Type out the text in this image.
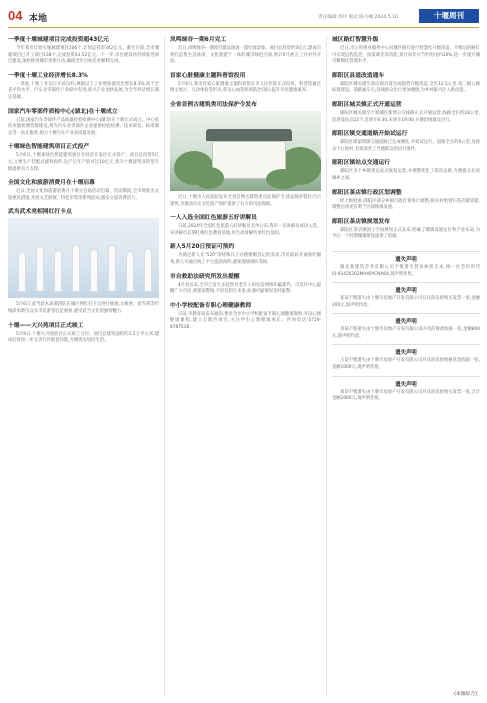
04 本地	责任编辑:李玲 版式:陈小楠 2024.5.10	十堰周刊
一季度十堰城建项目完成投资超43亿元
今年我市计划实施城建项目206个,计划总投资342亿元。截至目前,全市城建项目已开工项目138个,完成投资43.52亿元。下一步,市住建局将持续推进项目建设,加快推进城市更新行动,确保全年目标任务顺利完成。
一季度十堰工业经济增长8.3%
一季度,十堰工业运行开局良好,规模以上工业增加值同比增长8.3%,高于全省平均水平。汽车及零部件产业稳中有进,新兴产业加快发展,为全年经济增长奠定基础。
国家汽车零部件质检中心(湖北)在十堰成立
日前,国家汽车零部件产品质量检验检测中心(湖北)在十堰正式成立。中心依托本地检测资源建设,将为汽车及零部件企业提供检验检测、技术研发、标准制定等一站式服务,助力十堰汽车产业高质量发展。
十堰绿色智能建筑项目正式投产
5月6日,十堰某绿色智能建筑项目在经济开发区正式投产。项目总投资5亿元,主要生产装配式建筑构件,达产后年产值可达10亿元,将为十堰建筑业转型升级提供有力支撑。
全国文化和旅游消费月在十堰启幕
近日,全国文化和旅游消费月十堰分会场活动启幕。活动期间,全市将推出文旅惠民措施,开展文艺展演、特色市集等系列活动,激发文旅消费活力。
武当武术亮相网红打卡点
5月6日,武当武术表演团队在城区网红打卡点进行展演,太极拳、武当剑等传统武术吸引众多市民游客驻足观看,感受武当文化的独特魅力。
十堰——大兴苑项目正式竣工
5月9日,十堰大兴苑项目正式竣工交付。项目总建筑面积约1.2万平方米,建成后将进一步完善片区配套功能,方便周边居民生活。
凤鸣绿谷一期6月完工
近日,凤鸣绿谷一期项目建设现场一派忙碌景象。项目总投资约3亿元,建成后将打造集生态休闲、文化旅游于一体的城市绿色空间,预计6月底完工并对外开放。
首家心脏健康主题科普馆投用
5月6日,我市首家心脏健康主题科普馆在市人民医院正式投用。科普馆通过图文展示、互动体验等形式,普及心血管疾病防治知识,提升市民健康素养。
全省首例古建筑类司法保护令发布
近日,十堰市人民法院发布全省首例古建筑类司法保护令,依法保护辖区内古建筑,为推动历史文化遗产保护提供了有力的司法保障。
一人入选全国红色旅游五好讲解员
日前,2024年全国红色旅游五好讲解员名单公布,我市一名讲解员成功入选。该讲解员长期扎根红色教育基地,用生动讲解传承红色基因。
新人5月20日预证可预约
为满足新人在"520"等特殊日子办理婚姻登记的需求,市民政局开通预约服务,新人可通过线上平台提前预约,避免现场排队等候。
市自救助法研究所发出提醒
4月份以来,全市已发生多起涉及老年人的电信网络诈骗案件。市反诈中心提醒广大市民,要提高警惕,不轻信陌生来电,如遇可疑情况及时报警。
中小学校配备专职心理健康教师
日前,市教育局发布通知,要求全市中小学校配备专职心理健康教师,开设心理健康课程,建立心理咨询室,关注学生心理健康成长。咨询电话:0719-8787518。
城区路灯智慧升级
近日,市公用事业服务中心对城区路灯进行智慧化升级改造。升级后的路灯可实现远程监控、按需调光等功能,预计每年可节约用电约20%,进一步提升城市精细化管理水平。
郧阳区县道改造通车
郧阳区城关镇至茶店镇县道完成提档升级改造,全长12.5公里,按二级公路标准建设。道路通车后,沿线群众出行更加便捷,为乡村振兴注入新动能。
郧阳区城关镇正式开通运营
郧阳区城关镇至十堰城区新增公交线路正式开通运营,线路全长约18公里,沿途设站点22个,首班车6:30,末班车19:00,方便沿线群众出行。
郧阳区镇交通道路开始试运行
郧阳区谭家湾镇交通道路已完成硬化,开始试运行。道路全长约6公里,连接多个行政村,有效改善了当地群众的出行条件。
郧阳区镇站点交通运行
郧阳区多个乡镇客运站点恢复运营,并调整优化了班次安排,方便群众往返城乡之间。
郧阳区茶店镇行政区划调整
经上级批准,郧阳区部分乡镇行政区划进行调整,相关村组划归茶店镇管辖,调整后将更有利于区域统筹发展。
郧阳区茶店镇规划发布
郧阳区茶店镇国土空间规划正式发布,明确了城镇发展定位和产业布局,为今后一个时期城镇建设提供了依据。
遗失声明
湖北某建筑劳务有限公司不慎遗失营业执照正本,统一社会信用代码:91420302MA49YCNA6A,现声明作废。
遗失声明
张某不慎遗失由十堰市房地产开发有限公司开具的房屋购买发票一张,金额200元,现声明作废。
遗失声明
李某不慎遗失由十堰市房地产开发有限公司开具的收款收据一张,金额800元,现声明作废。
遗失声明
王某不慎遗失由十堰市房地产开发有限公司开具的房屋维修基金收据一张,金额1000元,现声明作废。
遗失声明
刘某不慎遗失由十堰市房地产开发有限公司开具的房屋购买发票一张,合计金额2000元,现声明作废。
(本版综合)
